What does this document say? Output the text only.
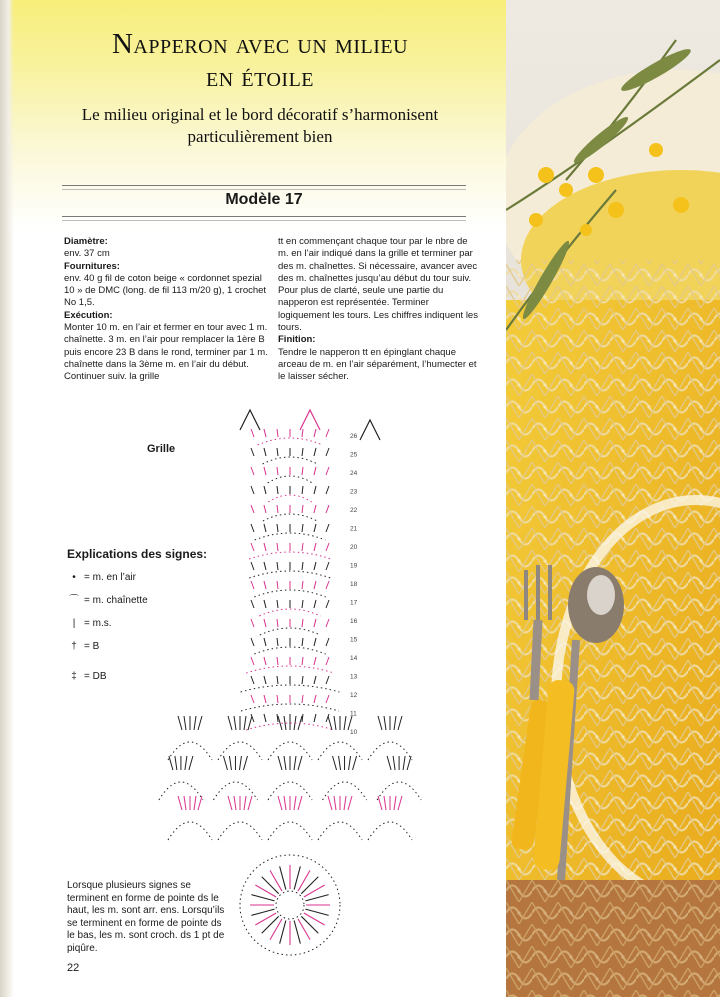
Napperon avec un milieu
en étoile
Le milieu original et le bord décoratif s’harmonisent
particulièrement bien
Modèle 17
Diamètre:
env. 37 cm
Fournitures:
env. 40 g fil de coton beige « cordonnet spezial 10 » de DMC (long. de fil 113 m/20 g), 1 crochet No 1,5.
Exécution:
Monter 10 m. en l’air et fermer en tour avec 1 m. chaînette. 3 m. en l’air pour remplacer la 1ère B puis encore 23 B dans le rond, terminer par 1 m. chaînette dans la 3ème m. en l’air du début. Continuer suiv. la grille
tt en commençant chaque tour par le nbre de m. en l’air indiqué dans la grille et terminer par des m. chaînettes. Si nécessaire, avancer avec des m. chaînettes jusqu’au début du tour suiv. Pour plus de clarté, seule une partie du napperon est représentée. Terminer logiquement les tours. Les chiffres indiquent les tours.
Finition:
Tendre le napperon tt en épinglant chaque arceau de m. en l’air séparément, l’humecter et le laisser sécher.
Grille
Explications des signes:
• = m. en l’air
⌒ = m. chaînette
| = m.s.
† = B
‡ = DB
26
25
24
23
22
21
20
19
18
17
16
15
14
13
12
11
10
Lorsque plusieurs signes se terminent en forme de pointe ds le haut, les m. sont arr. ens. Lorsqu’ils se terminent en forme de pointe ds le bas, les m. sont croch. ds 1 pt de piqûre.
22
